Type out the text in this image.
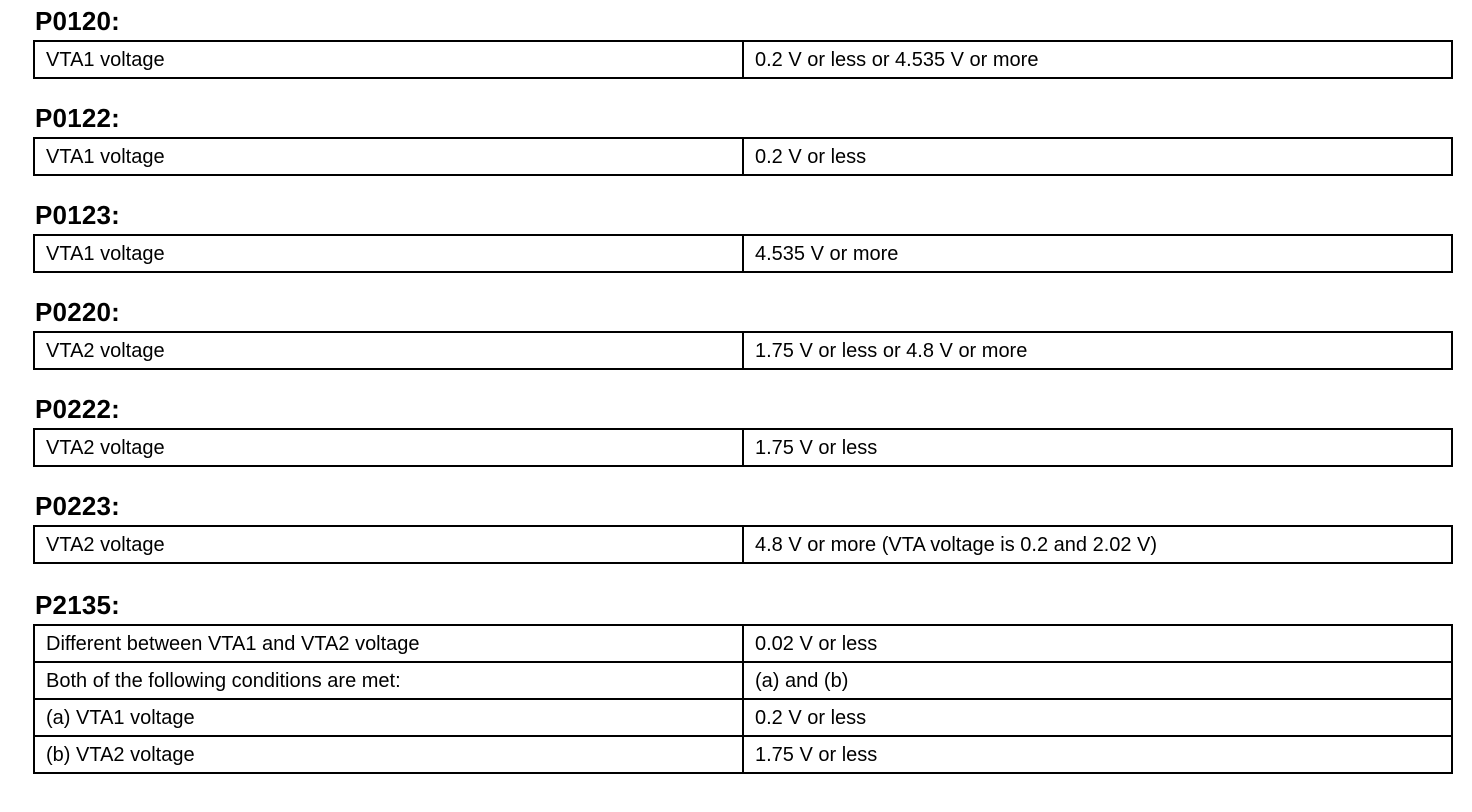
P0120:
VTA1 voltage	0.2 V or less or 4.535 V or more
P0122:
VTA1 voltage	0.2 V or less
P0123:
VTA1 voltage	4.535 V or more
P0220:
VTA2 voltage	1.75 V or less or 4.8 V or more
P0222:
VTA2 voltage	1.75 V or less
P0223:
VTA2 voltage	4.8 V or more (VTA voltage is 0.2 and 2.02 V)
P2135:
Different between VTA1 and VTA2 voltage	0.02 V or less
Both of the following conditions are met:	(a) and (b)
(a) VTA1 voltage	0.2 V or less
(b) VTA2 voltage	1.75 V or less
